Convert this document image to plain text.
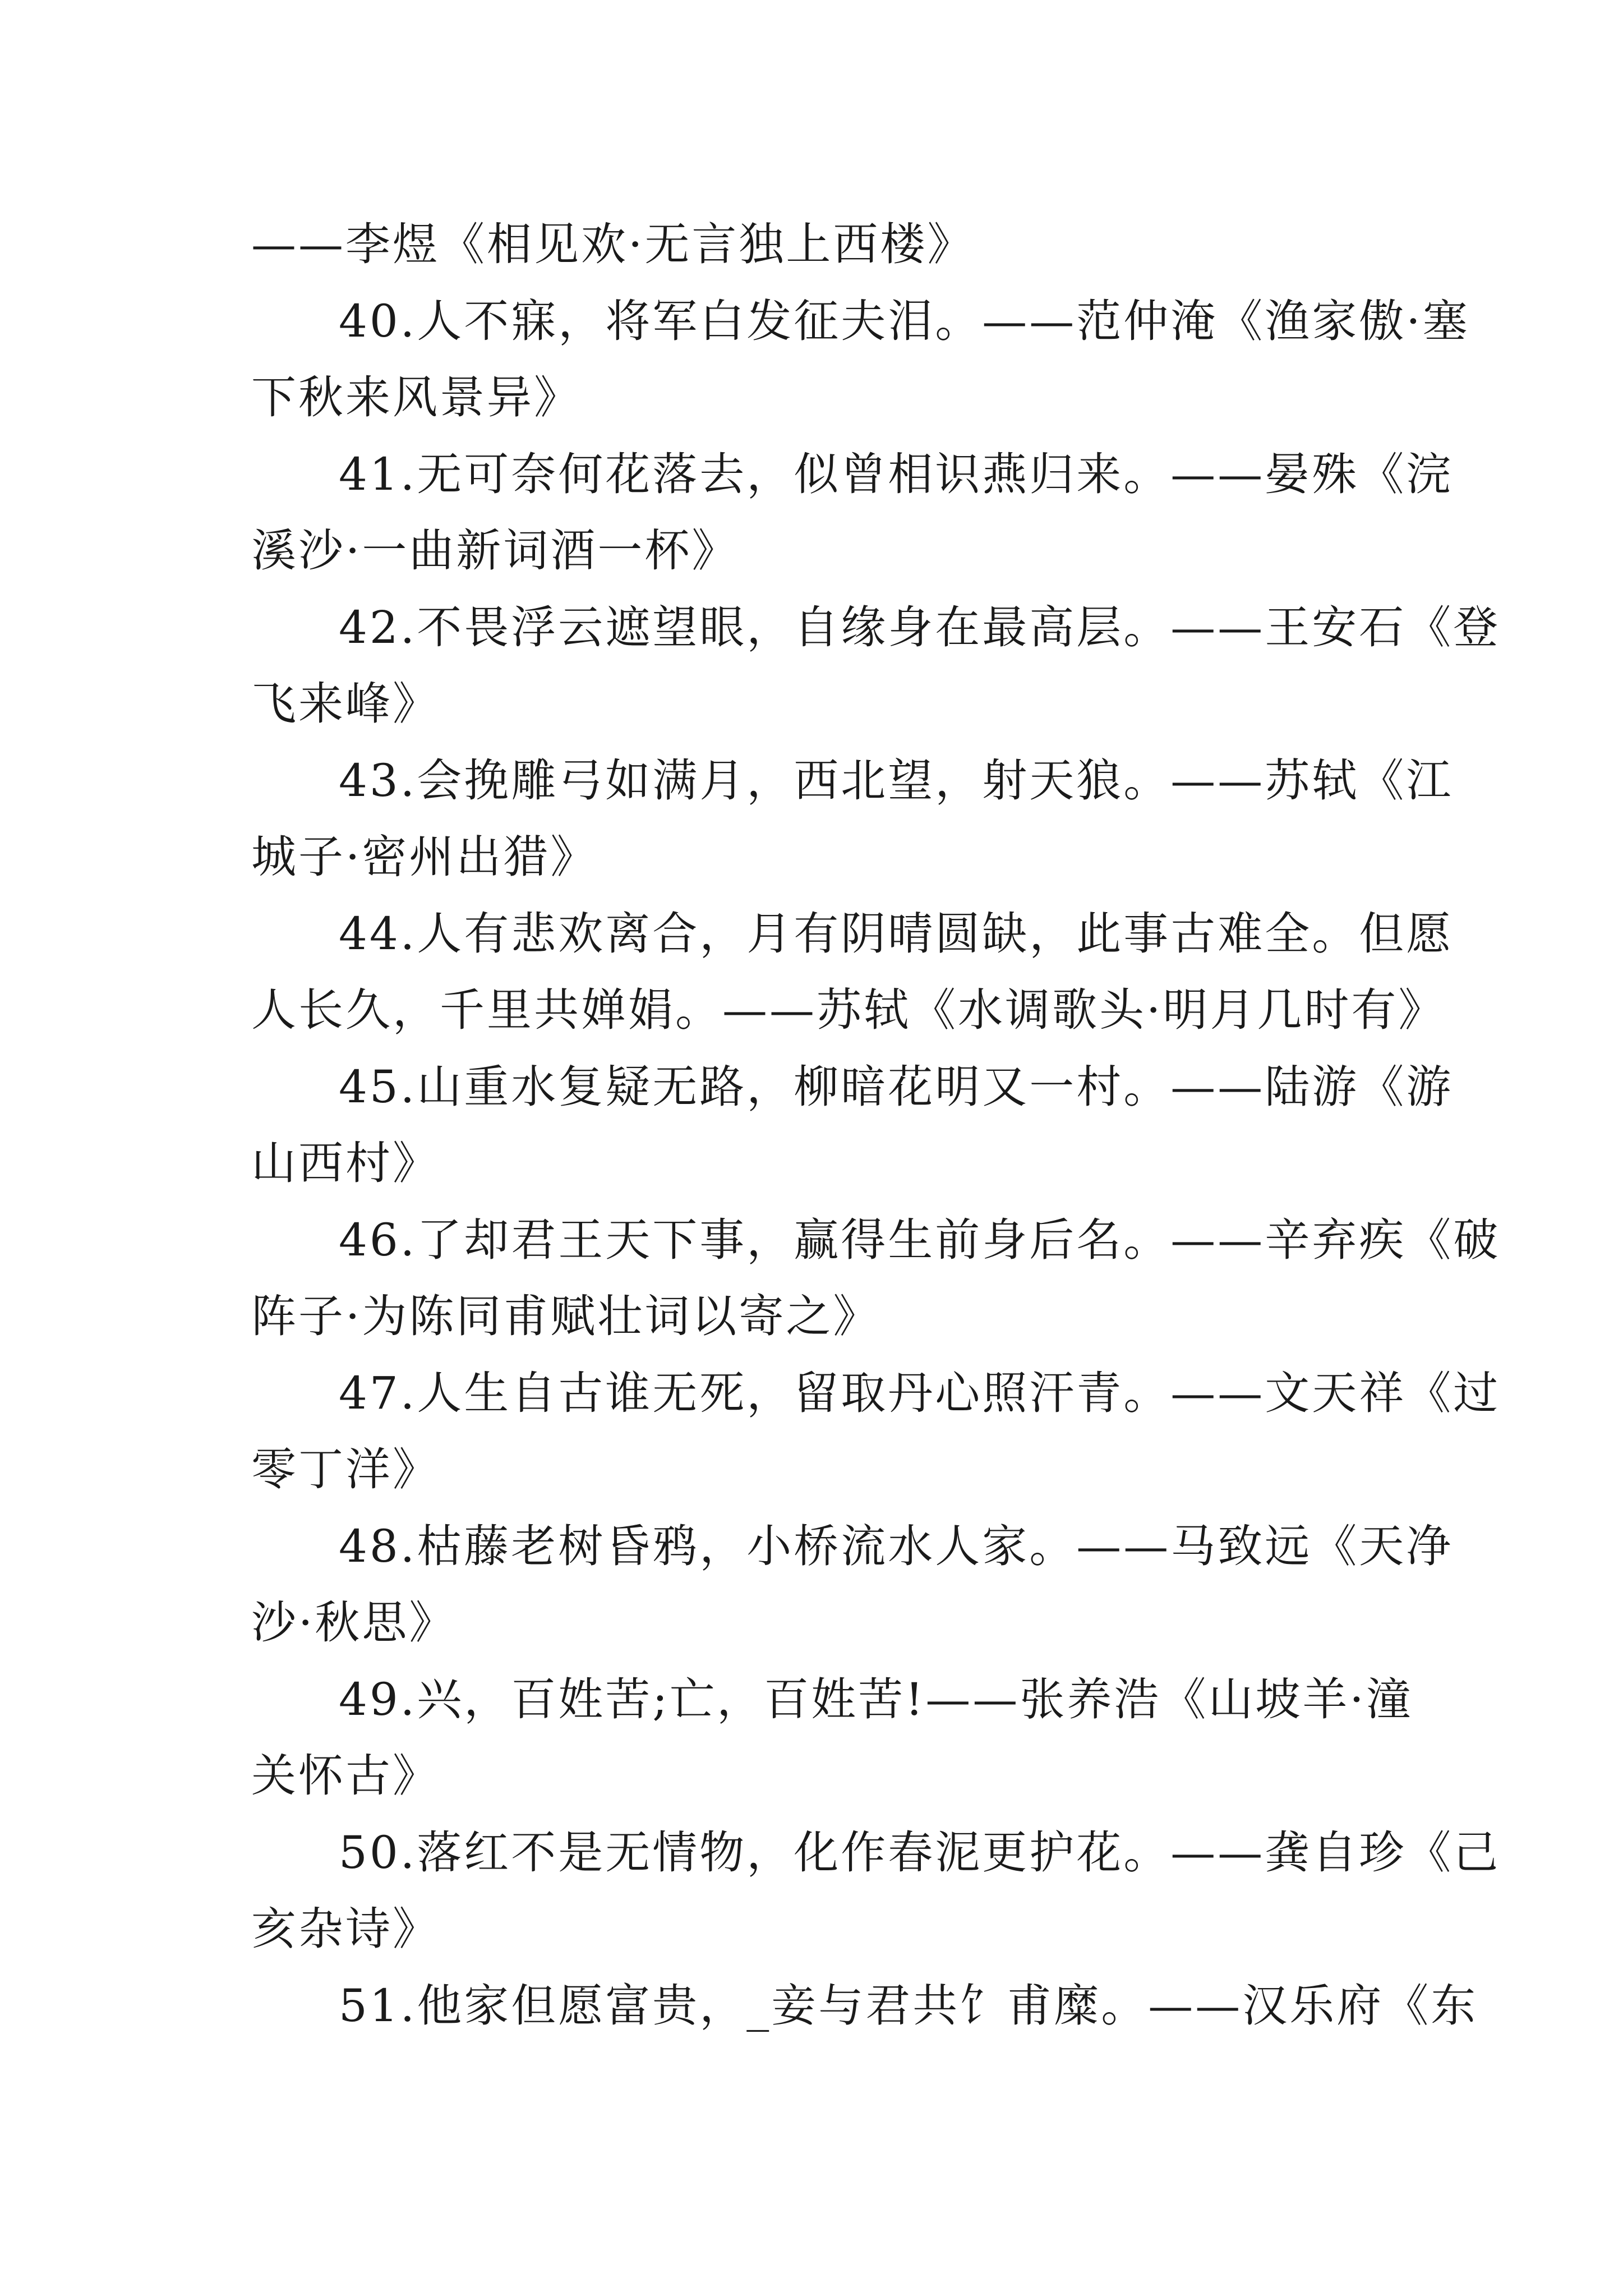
——李煜《相见欢·无言独上西楼》
40.人不寐，将军白发征夫泪。——范仲淹《渔家傲·塞
下秋来风景异》
41.无可奈何花落去，似曾相识燕归来。——晏殊《浣
溪沙·一曲新词酒一杯》
42.不畏浮云遮望眼，自缘身在最高层。——王安石《登
飞来峰》
43.会挽雕弓如满月，西北望，射天狼。——苏轼《江
城子·密州出猎》
44.人有悲欢离合，月有阴晴圆缺，此事古难全。但愿
人长久，千里共婵娟。——苏轼《水调歌头·明月几时有》
45.山重水复疑无路，柳暗花明又一村。——陆游《游
山西村》
46.了却君王天下事，赢得生前身后名。——辛弃疾《破
阵子·为陈同甫赋壮词以寄之》
47.人生自古谁无死，留取丹心照汗青。——文天祥《过
零丁洋》
48.枯藤老树昏鸦，小桥流水人家。——马致远《天净
沙·秋思》
49.兴，百姓苦;亡，百姓苦!——张养浩《山坡羊·潼
关怀古》
50.落红不是无情物，化作春泥更护花。——龚自珍《己
亥杂诗》
51.他家但愿富贵，_妾与君共饣甫糜。——汉乐府《东
